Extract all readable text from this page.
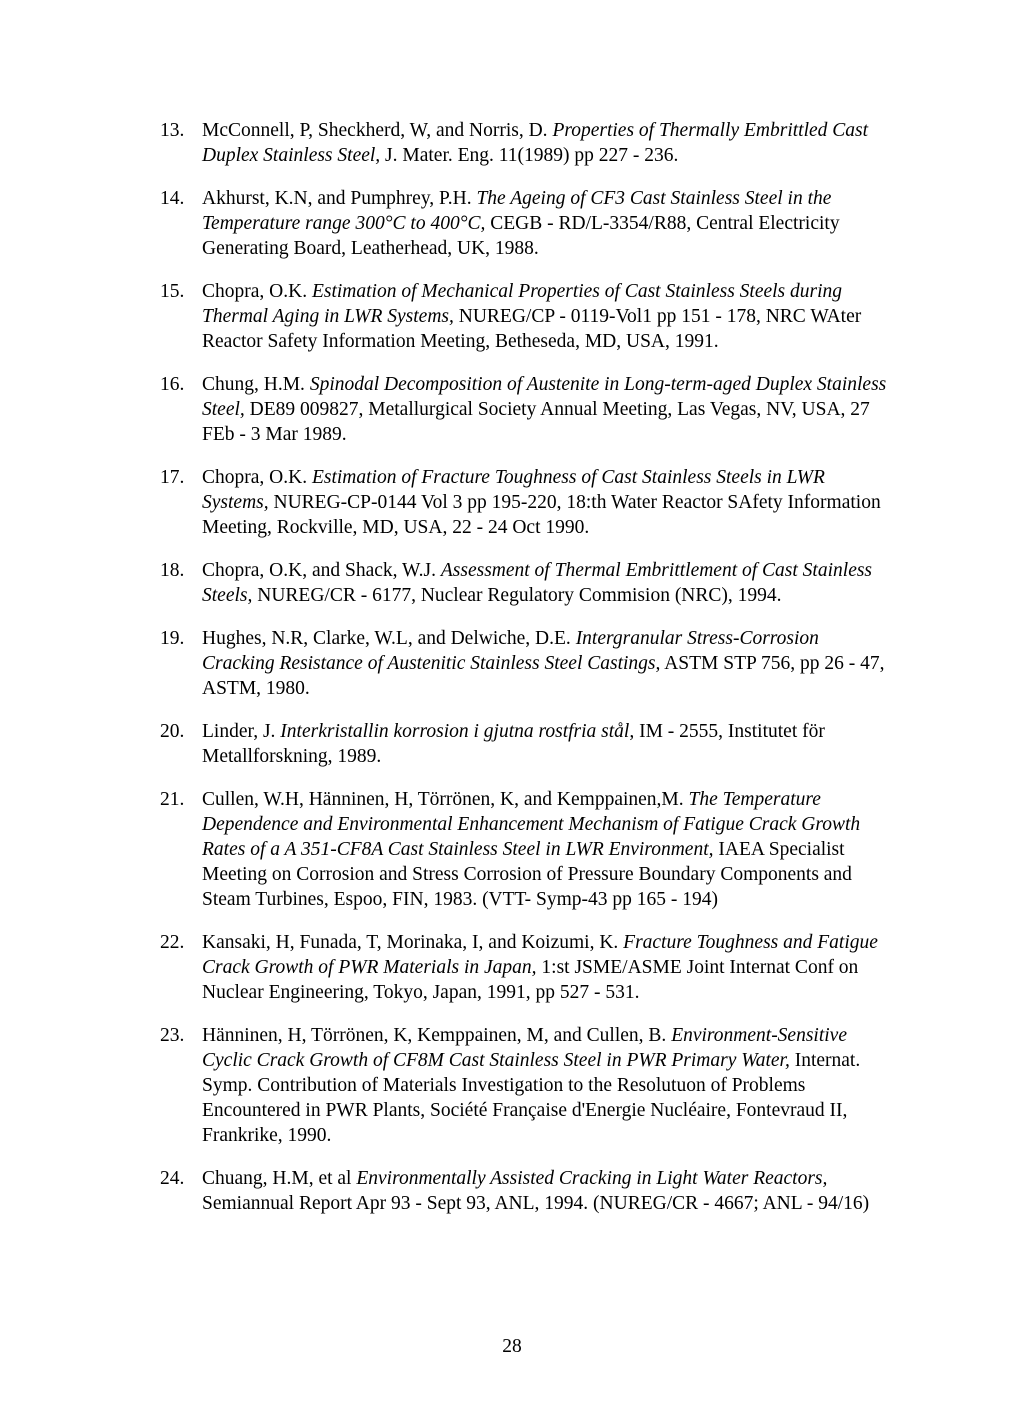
13. McConnell, P, Sheckherd, W, and Norris, D. Properties of Thermally Embrittled Cast Duplex Stainless Steel, J. Mater. Eng. 11(1989) pp 227 - 236.
14. Akhurst, K.N, and Pumphrey, P.H. The Ageing of CF3 Cast Stainless Steel in the Temperature range 300°C to 400°C, CEGB - RD/L-3354/R88, Central Electricity Generating Board, Leatherhead, UK, 1988.
15. Chopra, O.K. Estimation of Mechanical Properties of Cast Stainless Steels during Thermal Aging in LWR Systems, NUREG/CP - 0119-Vol1 pp 151 - 178, NRC WAter Reactor Safety Information Meeting, Betheseda, MD, USA, 1991.
16. Chung, H.M. Spinodal Decomposition of Austenite in Long-term-aged Duplex Stainless Steel, DE89 009827, Metallurgical Society Annual Meeting, Las Vegas, NV, USA, 27 FEb - 3 Mar 1989.
17. Chopra, O.K. Estimation of Fracture Toughness of Cast Stainless Steels in LWR Systems, NUREG-CP-0144 Vol 3 pp 195-220, 18:th Water Reactor SAfety Information Meeting, Rockville, MD, USA, 22 - 24 Oct 1990.
18. Chopra, O.K, and Shack, W.J. Assessment of Thermal Embrittlement of Cast Stainless Steels, NUREG/CR - 6177, Nuclear Regulatory Commision (NRC), 1994.
19. Hughes, N.R, Clarke, W.L, and Delwiche, D.E. Intergranular Stress-Corrosion Cracking Resistance of Austenitic Stainless Steel Castings, ASTM STP 756, pp 26 - 47, ASTM, 1980.
20. Linder, J. Interkristallin korrosion i gjutna rostfria stål, IM - 2555, Institutet för Metallforskning, 1989.
21. Cullen, W.H, Hänninen, H, Törrönen, K, and Kemppainen,M. The Temperature Dependence and Environmental Enhancement Mechanism of Fatigue Crack Growth Rates of a A 351-CF8A Cast Stainless Steel in LWR Environment, IAEA Specialist Meeting on Corrosion and Stress Corrosion of Pressure Boundary Components and Steam Turbines, Espoo, FIN, 1983. (VTT- Symp-43 pp 165 - 194)
22. Kansaki, H, Funada, T, Morinaka, I, and Koizumi, K. Fracture Toughness and Fatigue Crack Growth of PWR Materials in Japan, 1:st JSME/ASME Joint Internat Conf on Nuclear Engineering, Tokyo, Japan, 1991, pp 527 - 531.
23. Hänninen, H, Törrönen, K, Kemppainen, M, and Cullen, B. Environment-Sensitive Cyclic Crack Growth of CF8M Cast Stainless Steel in PWR Primary Water, Internat. Symp. Contribution of Materials Investigation to the Resolutuon of Problems Encountered in PWR Plants, Société Française d'Energie Nucléaire, Fontevraud II, Frankrike, 1990.
24. Chuang, H.M, et al Environmentally Assisted Cracking in Light Water Reactors, Semiannual Report Apr 93 - Sept 93, ANL, 1994. (NUREG/CR - 4667; ANL - 94/16)
28
